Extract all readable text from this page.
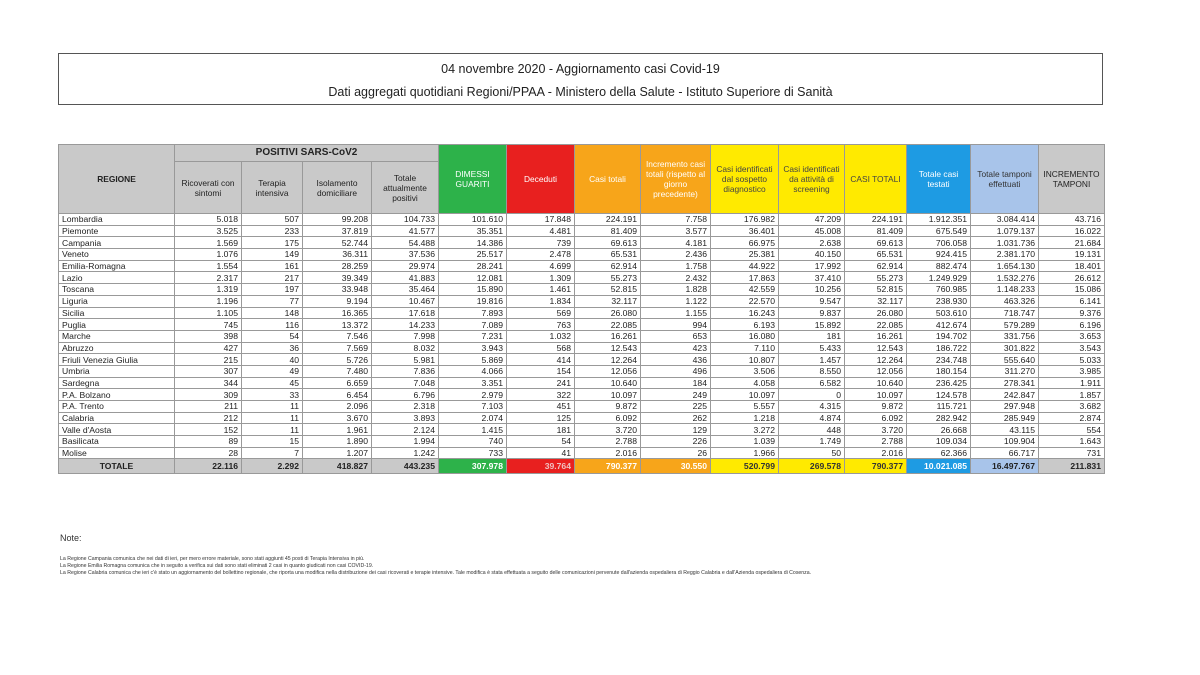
04 novembre 2020 - Aggiornamento casi Covid-19
Dati aggregati quotidiani Regioni/PPAA - Ministero della Salute - Istituto Superiore di Sanità
REGIONE	POSITIVI SARS-CoV2				DIMESSI GUARITI	Deceduti	Casi totali	Incremento casi totali (rispetto al giorno precedente)	Casi identificati dal sospetto diagnostico	Casi identificati da attività di screening	CASI TOTALI	Totale casi testati	Totale tamponi effettuati	INCREMENTO TAMPONI
	Ricoverati con sintomi	Terapia intensiva	Isolamento domiciliare	Totale attualmente positivi										
Lombardia	5.018	507	99.208	104.733	101.610	17.848	224.191	7.758	176.982	47.209	224.191	1.912.351	3.084.414	43.716
Piemonte	3.525	233	37.819	41.577	35.351	4.481	81.409	3.577	36.401	45.008	81.409	675.549	1.079.137	16.022
Campania	1.569	175	52.744	54.488	14.386	739	69.613	4.181	66.975	2.638	69.613	706.058	1.031.736	21.684
Veneto	1.076	149	36.311	37.536	25.517	2.478	65.531	2.436	25.381	40.150	65.531	924.415	2.381.170	19.131
Emilia-Romagna	1.554	161	28.259	29.974	28.241	4.699	62.914	1.758	44.922	17.992	62.914	882.474	1.654.130	18.401
Lazio	2.317	217	39.349	41.883	12.081	1.309	55.273	2.432	17.863	37.410	55.273	1.249.929	1.532.276	26.612
Toscana	1.319	197	33.948	35.464	15.890	1.461	52.815	1.828	42.559	10.256	52.815	760.985	1.148.233	15.086
Liguria	1.196	77	9.194	10.467	19.816	1.834	32.117	1.122	22.570	9.547	32.117	238.930	463.326	6.141
Sicilia	1.105	148	16.365	17.618	7.893	569	26.080	1.155	16.243	9.837	26.080	503.610	718.747	9.376
Puglia	745	116	13.372	14.233	7.089	763	22.085	994	6.193	15.892	22.085	412.674	579.289	6.196
Marche	398	54	7.546	7.998	7.231	1.032	16.261	653	16.080	181	16.261	194.702	331.756	3.653
Abruzzo	427	36	7.569	8.032	3.943	568	12.543	423	7.110	5.433	12.543	186.722	301.822	3.543
Friuli Venezia Giulia	215	40	5.726	5.981	5.869	414	12.264	436	10.807	1.457	12.264	234.748	555.640	5.033
Umbria	307	49	7.480	7.836	4.066	154	12.056	496	3.506	8.550	12.056	180.154	311.270	3.985
Sardegna	344	45	6.659	7.048	3.351	241	10.640	184	4.058	6.582	10.640	236.425	278.341	1.911
P.A. Bolzano	309	33	6.454	6.796	2.979	322	10.097	249	10.097	0	10.097	124.578	242.847	1.857
P.A. Trento	211	11	2.096	2.318	7.103	451	9.872	225	5.557	4.315	9.872	115.721	297.948	3.682
Calabria	212	11	3.670	3.893	2.074	125	6.092	262	1.218	4.874	6.092	282.942	285.949	2.874
Valle d'Aosta	152	11	1.961	2.124	1.415	181	3.720	129	3.272	448	3.720	26.668	43.115	554
Basilicata	89	15	1.890	1.994	740	54	2.788	226	1.039	1.749	2.788	109.034	109.904	1.643
Molise	28	7	1.207	1.242	733	41	2.016	26	1.966	50	2.016	62.366	66.717	731
TOTALE	22.116	2.292	418.827	443.235	307.978	39.764	790.377	30.550	520.799	269.578	790.377	10.021.085	16.497.767	211.831
Note:
La Regione Campania comunica che nei dati di ieri, per mero errore materiale, sono stati aggiunti 45 posti di Terapia Intensiva in più.
La Regione Emilia Romagna comunica che in seguito a verifica sui dati sono stati eliminati 2 casi in quanto giudicati non casi COVID-19.
La Regione Calabria comunica che ieri c'è stato un aggiornamento del bollettino regionale, che riporta una modifica nella distribuzione dei casi ricoverati e terapie intensive. Tale modifica è stata effettuata a seguito delle comunicazioni pervenute dall'azienda ospedaliera di Reggio Calabria e dall'Azienda ospedaliera di Cosenza.
